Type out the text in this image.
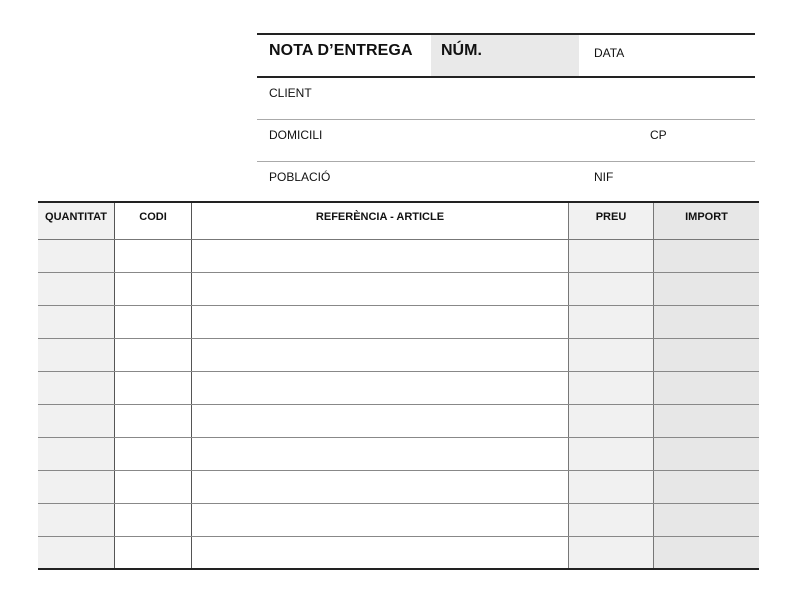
NOTA D’ENTREGA NÚM.	DATA
CLIENT
DOMICILI	CP
POBLACIÓ	NIF
QUANTITAT	CODI	REFERÈNCIA - ARTICLE	PREU	IMPORT
